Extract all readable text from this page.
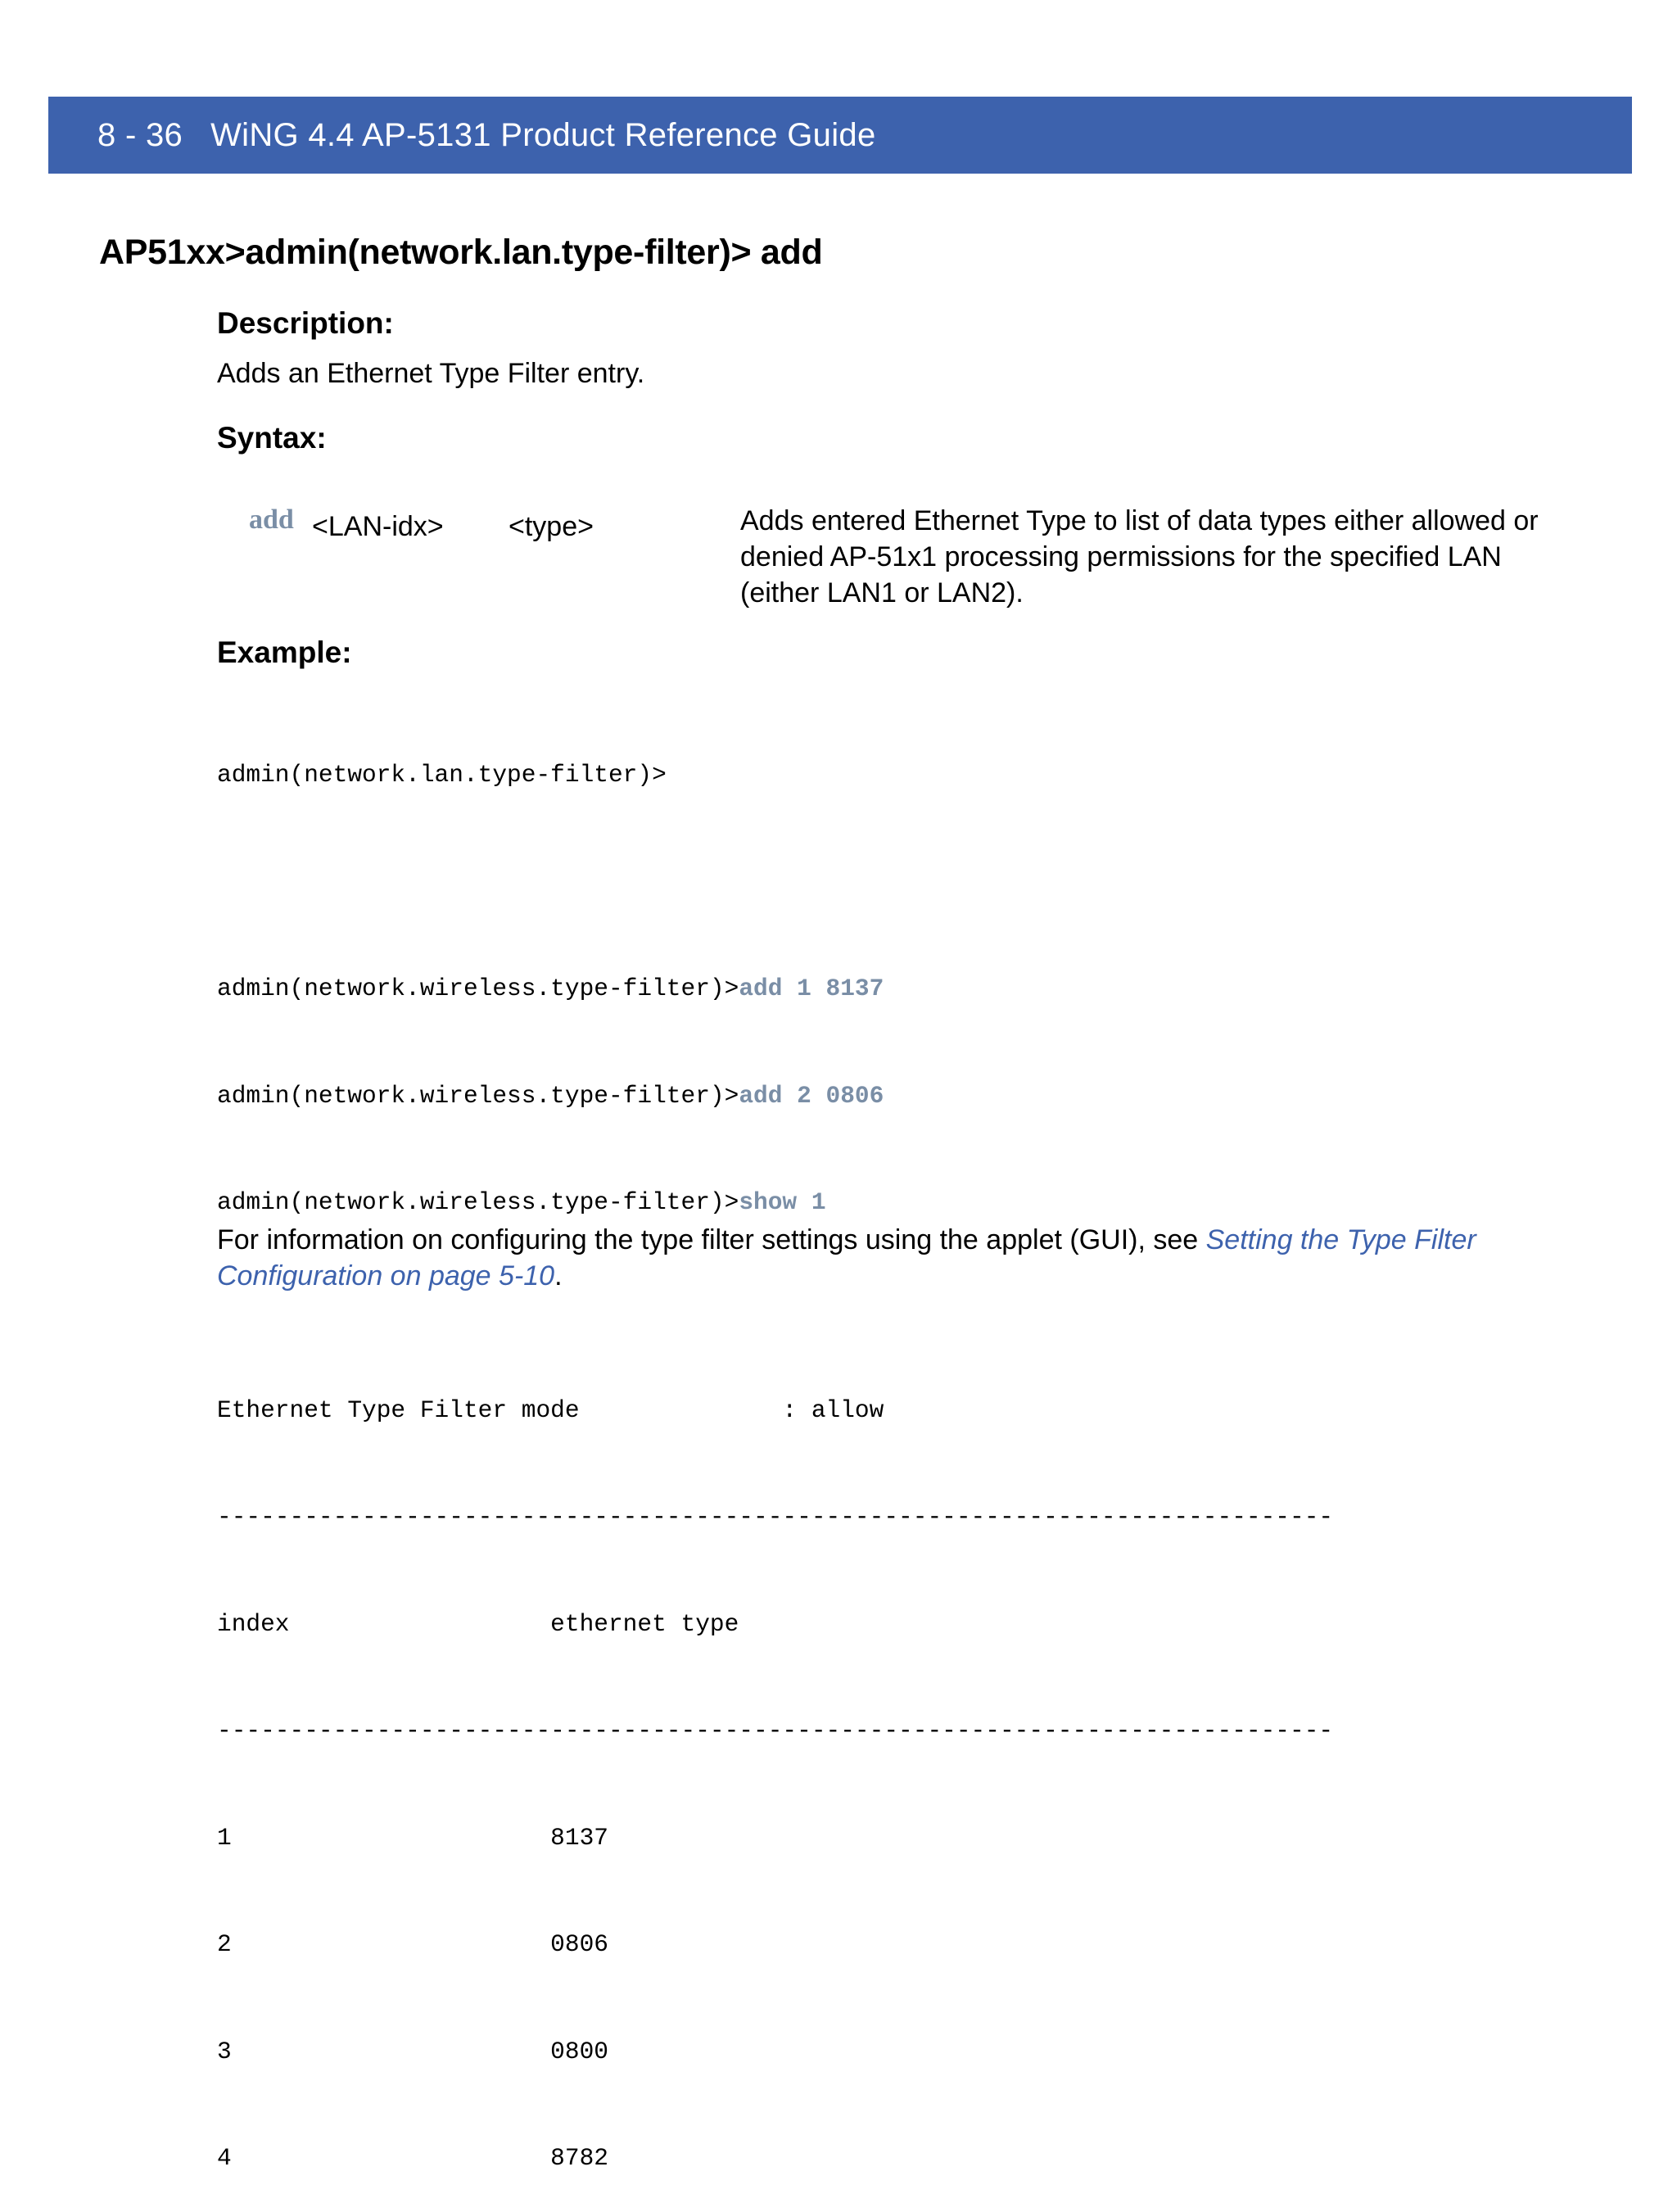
8 - 36 WiNG 4.4 AP-5131 Product Reference Guide
AP51xx>admin(network.lan.type-filter)> add
Description:
Adds an Ethernet Type Filter entry.
Syntax:
add <LAN-idx> <type>	Adds entered Ethernet Type to list of data types either allowed or denied AP-51x1 processing permissions for the specified LAN (either LAN1 or LAN2).
Example:

admin(network.lan.type-filter)>

admin(network.wireless.type-filter)>add 1 8137

admin(network.wireless.type-filter)>add 2 0806

admin(network.wireless.type-filter)>show 1

Ethernet Type Filter mode              : allow

-----------------------------------------------------------------------------

index                  ethernet type

-----------------------------------------------------------------------------

1                      8137

2                      0806

3                      0800

4                      8782

For information on configuring the type filter settings using the applet (GUI), see Setting the Type Filter Configuration on page 5-10.
